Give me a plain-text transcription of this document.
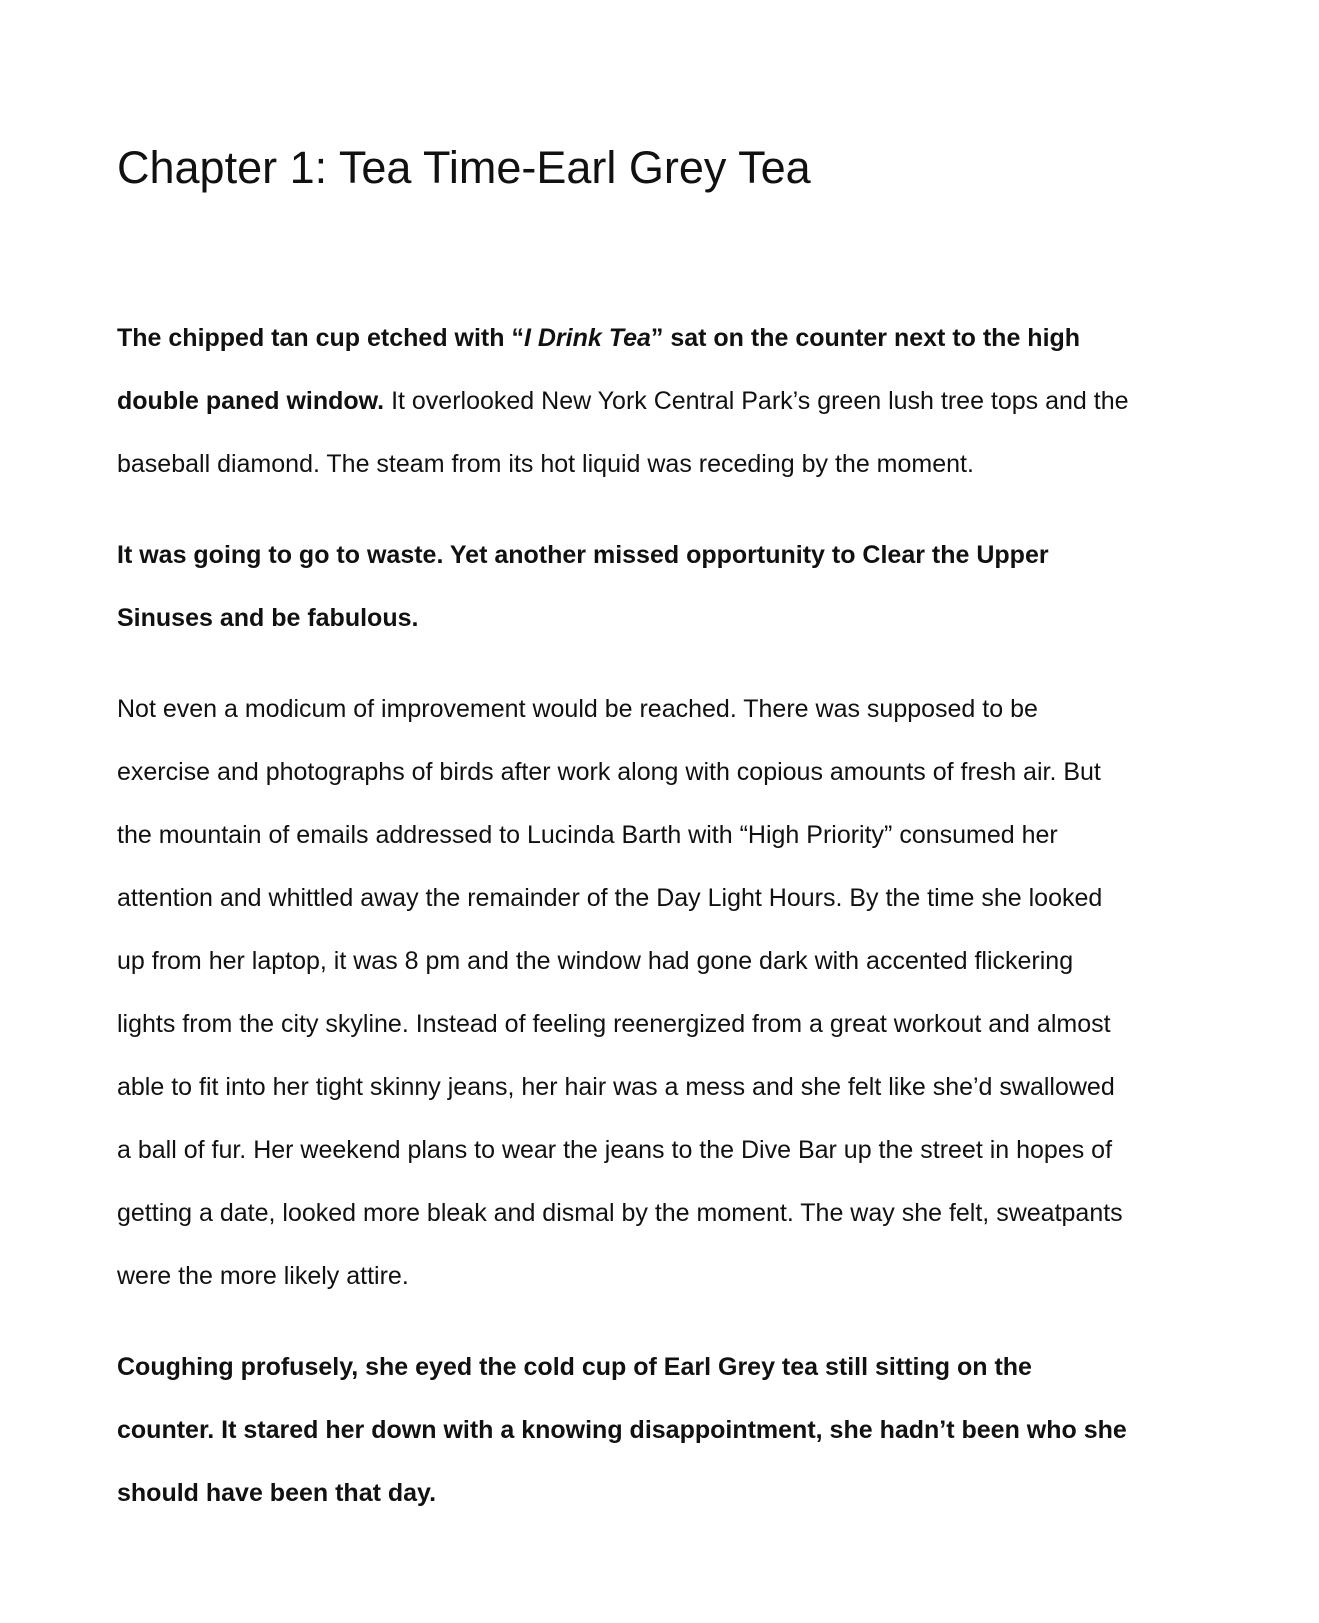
Chapter 1: Tea Time-Earl Grey Tea

The chipped tan cup etched with “I Drink Tea” sat on the counter next to the high
double paned window. It overlooked New York Central Park’s green lush tree tops and the
baseball diamond. The steam from its hot liquid was receding by the moment.

It was going to go to waste. Yet another missed opportunity to Clear the Upper
Sinuses and be fabulous.

Not even a modicum of improvement would be reached. There was supposed to be
exercise and photographs of birds after work along with copious amounts of fresh air. But
the mountain of emails addressed to Lucinda Barth with “High Priority” consumed her
attention and whittled away the remainder of the Day Light Hours. By the time she looked
up from her laptop, it was 8 pm and the window had gone dark with accented flickering
lights from the city skyline. Instead of feeling reenergized from a great workout and almost
able to fit into her tight skinny jeans, her hair was a mess and she felt like she’d swallowed
a ball of fur. Her weekend plans to wear the jeans to the Dive Bar up the street in hopes of
getting a date, looked more bleak and dismal by the moment. The way she felt, sweatpants
were the more likely attire.

Coughing profusely, she eyed the cold cup of Earl Grey tea still sitting on the
counter. It stared her down with a knowing disappointment, she hadn’t been who she
should have been that day.
